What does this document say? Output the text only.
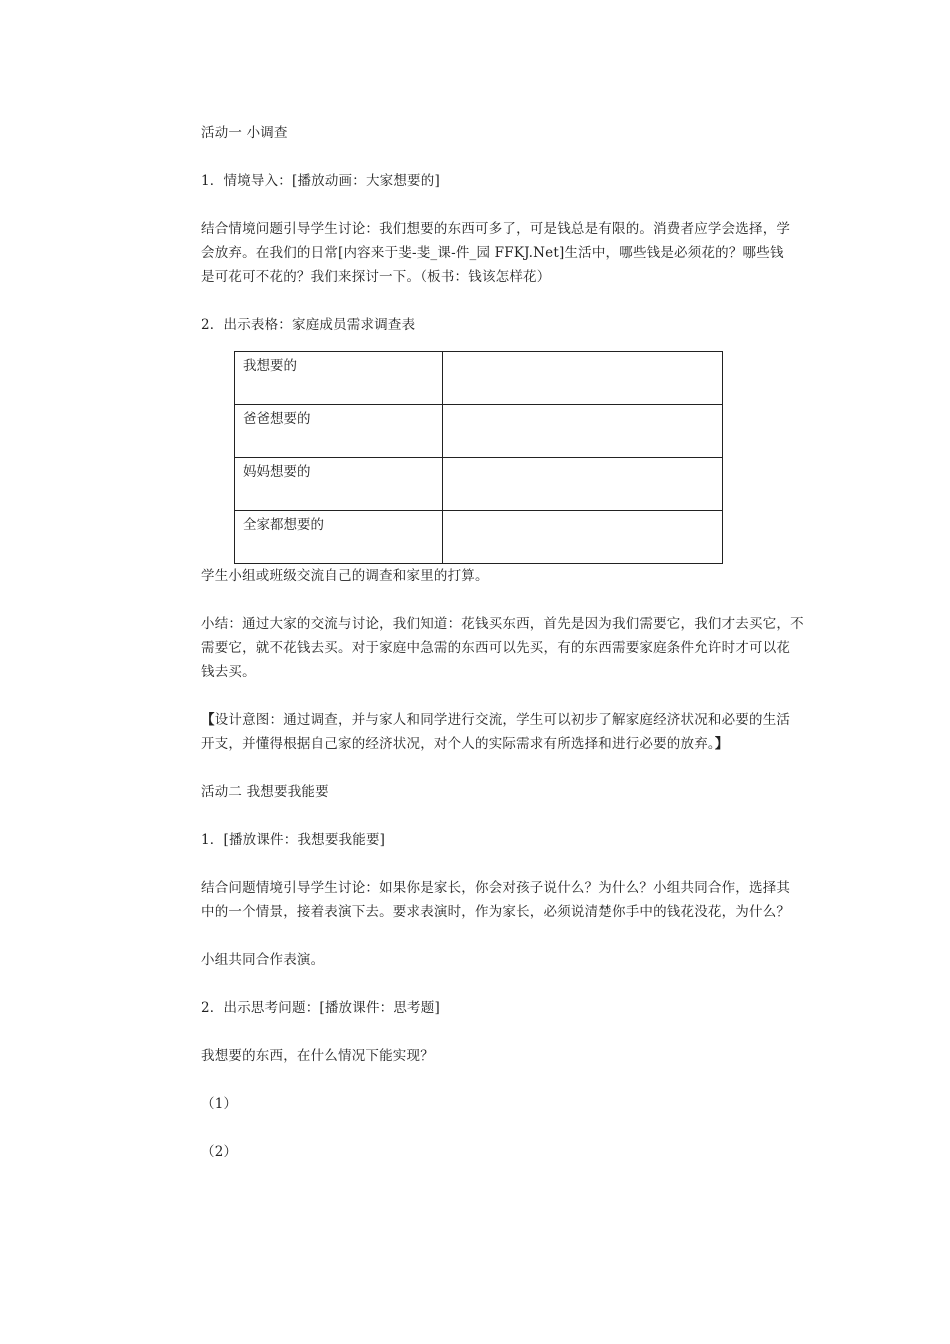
活动一 小调查

1．情境导入：[播放动画：大家想要的]

结合情境问题引导学生讨论：我们想要的东西可多了，可是钱总是有限的。消费者应学会选择，学

会放弃。在我们的日常[内容来于斐-斐_课-件_园 FFKJ.Net]生活中，哪些钱是必须花的？哪些钱

是可花可不花的？我们来探讨一下。（板书：钱该怎样花）

2．出示表格：家庭成员需求调查表

我想要的	
爸爸想要的	
妈妈想要的	
全家都想要的	

学生小组或班级交流自己的调查和家里的打算。

小结：通过大家的交流与讨论，我们知道：花钱买东西，首先是因为我们需要它，我们才去买它，不

需要它，就不花钱去买。对于家庭中急需的东西可以先买，有的东西需要家庭条件允许时才可以花

钱去买。

【设计意图：通过调查，并与家人和同学进行交流，学生可以初步了解家庭经济状况和必要的生活

开支，并懂得根据自己家的经济状况，对个人的实际需求有所选择和进行必要的放弃。】

活动二 我想要我能要

1．[播放课件：我想要我能要]

结合问题情境引导学生讨论：如果你是家长，你会对孩子说什么？为什么？小组共同合作，选择其

中的一个情景，接着表演下去。要求表演时，作为家长，必须说清楚你手中的钱花没花，为什么？

小组共同合作表演。

2．出示思考问题：[播放课件：思考题]

我想要的东西，在什么情况下能实现？

（1）

（2）
